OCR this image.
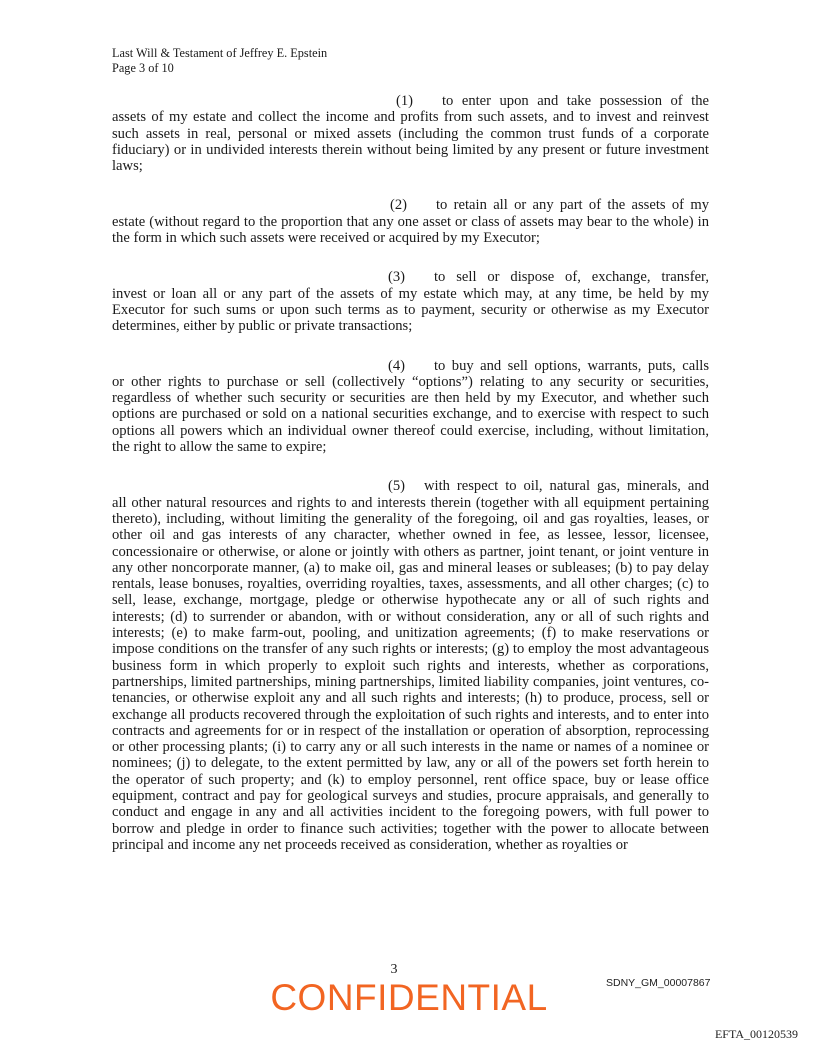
Last Will & Testament of Jeffrey E. Epstein
Page 3 of 10

(1) to enter upon and take possession of the
assets of my estate and collect the income and profits from such assets, and to invest and reinvest such assets in real, personal or mixed assets (including the common trust funds of a corporate fiduciary) or in undivided interests therein without being limited by any present or future investment laws;

(2) to retain all or any part of the assets of my
estate (without regard to the proportion that any one asset or class of assets may bear to the whole) in the form in which such assets were received or acquired by my Executor;

(3) to sell or dispose of, exchange, transfer,
invest or loan all or any part of the assets of my estate which may, at any time, be held by my Executor for such sums or upon such terms as to payment, security or otherwise as my Executor determines, either by public or private transactions;

(4) to buy and sell options, warrants, puts, calls
or other rights to purchase or sell (collectively “options”) relating to any security or securities, regardless of whether such security or securities are then held by my Executor, and whether such options are purchased or sold on a national securities exchange, and to exercise with respect to such options all powers which an individual owner thereof could exercise, including, without limitation, the right to allow the same to expire;

(5) with respect to oil, natural gas, minerals, and
all other natural resources and rights to and interests therein (together with all equipment pertaining thereto), including, without limiting the generality of the foregoing, oil and gas royalties, leases, or other oil and gas interests of any character, whether owned in fee, as lessee, lessor, licensee, concessionaire or otherwise, or alone or jointly with others as partner, joint tenant, or joint venture in any other noncorporate manner, (a) to make oil, gas and mineral leases or subleases; (b) to pay delay rentals, lease bonuses, royalties, overriding royalties, taxes, assessments, and all other charges; (c) to sell, lease, exchange, mortgage, pledge or otherwise hypothecate any or all of such rights and interests; (d) to surrender or abandon, with or without consideration, any or all of such rights and interests; (e) to make farm-out, pooling, and unitization agreements; (f) to make reservations or impose conditions on the transfer of any such rights or interests; (g) to employ the most advantageous business form in which properly to exploit such rights and interests, whether as corporations, partnerships, limited partnerships, mining partnerships, limited liability companies, joint ventures, co-tenancies, or otherwise exploit any and all such rights and interests; (h) to produce, process, sell or exchange all products recovered through the exploitation of such rights and interests, and to enter into contracts and agreements for or in respect of the installation or operation of absorption, reprocessing or other processing plants; (i) to carry any or all such interests in the name or names of a nominee or nominees; (j) to delegate, to the extent permitted by law, any or all of the powers set forth herein to the operator of such property; and (k) to employ personnel, rent office space, buy or lease office equipment, contract and pay for geological surveys and studies, procure appraisals, and generally to conduct and engage in any and all activities incident to the foregoing powers, with full power to borrow and pledge in order to finance such activities; together with the power to allocate between principal and income any net proceeds received as consideration, whether as royalties or

3
CONFIDENTIAL	SDNY_GM_00007867
EFTA_00120539
